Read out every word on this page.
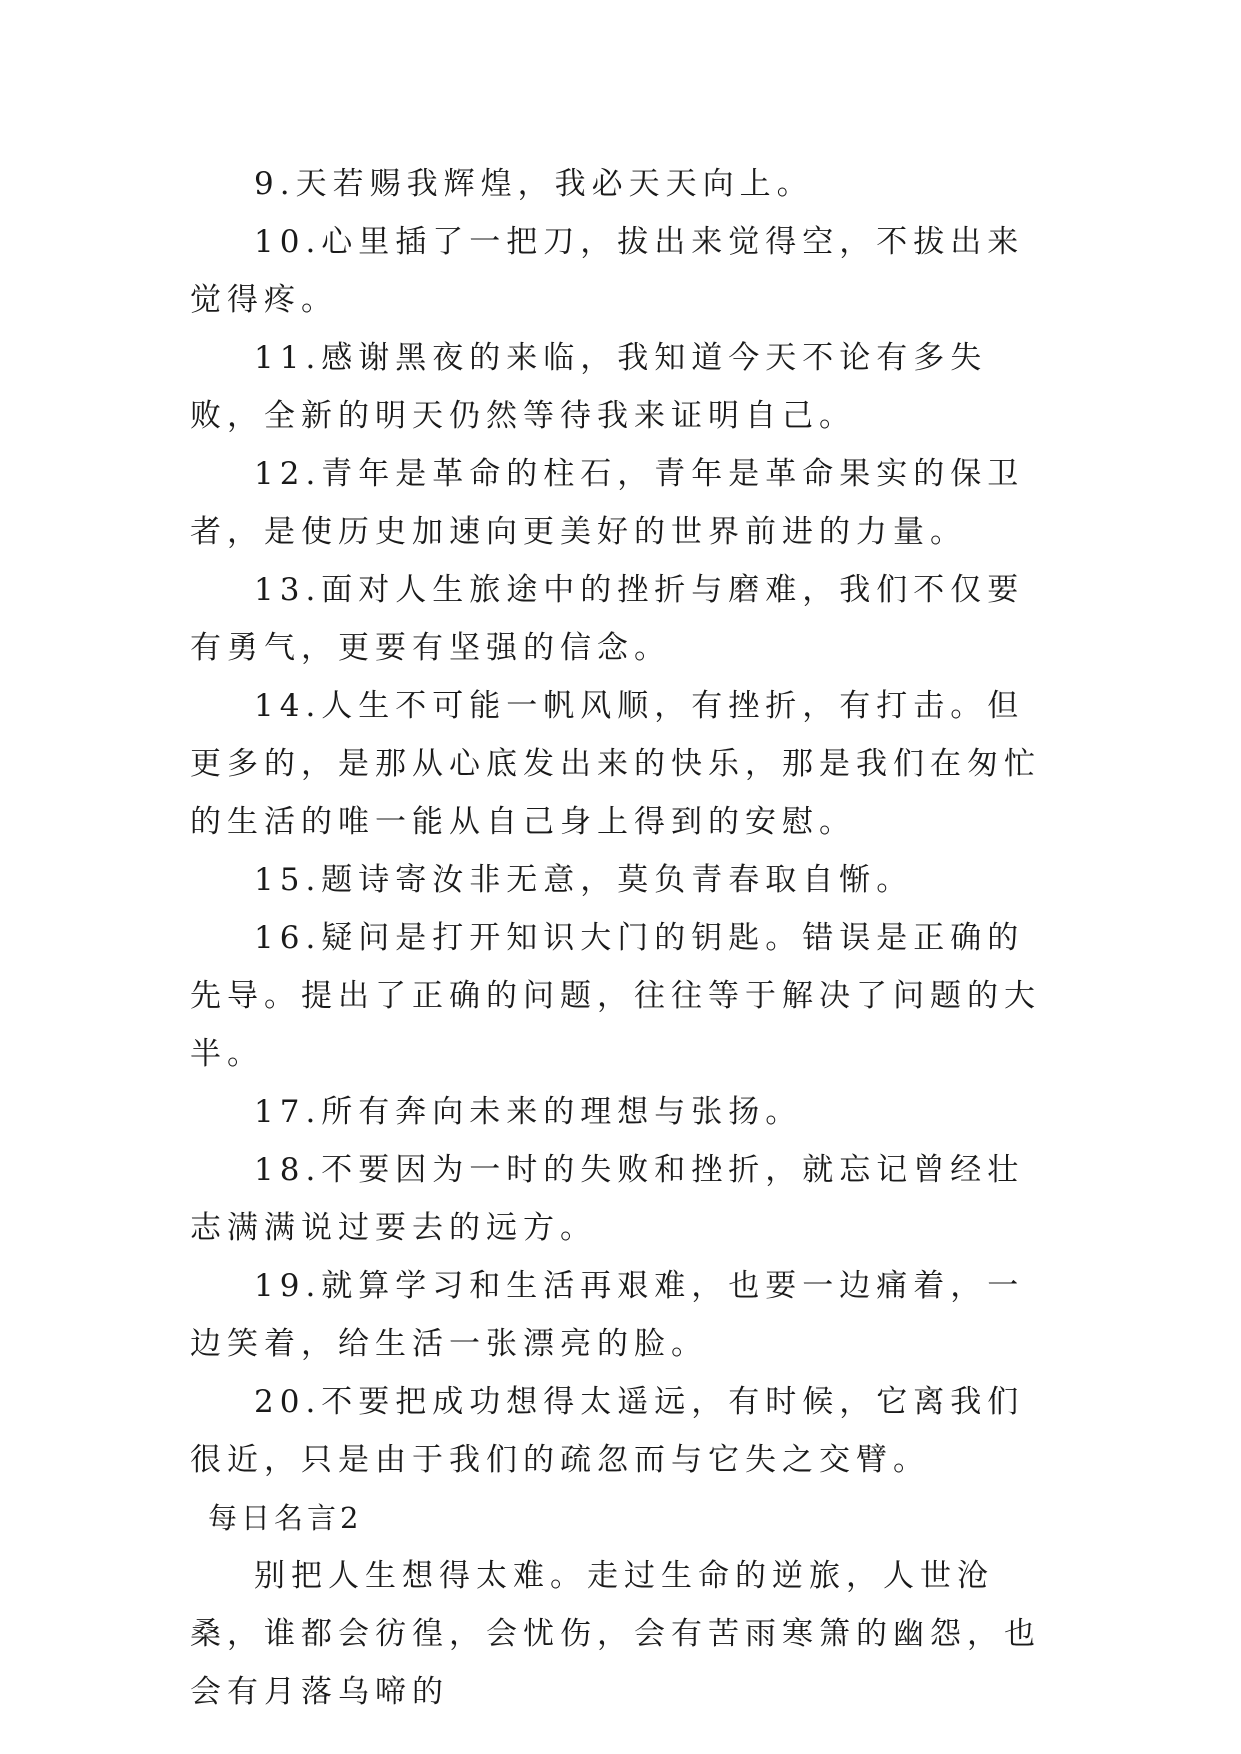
9.天若赐我辉煌，我必天天向上。

10.心里插了一把刀，拔出来觉得空，不拔出来觉得疼。

11.感谢黑夜的来临，我知道今天不论有多失败，全新的明天仍然等待我来证明自己。

12.青年是革命的柱石，青年是革命果实的保卫者，是使历史加速向更美好的世界前进的力量。

13.面对人生旅途中的挫折与磨难，我们不仅要有勇气，更要有坚强的信念。

14.人生不可能一帆风顺，有挫折，有打击。但更多的，是那从心底发出来的快乐，那是我们在匆忙的生活的唯一能从自己身上得到的安慰。

15.题诗寄汝非无意，莫负青春取自惭。

16.疑问是打开知识大门的钥匙。错误是正确的先导。提出了正确的问题，往往等于解决了问题的大半。

17.所有奔向未来的理想与张扬。

18.不要因为一时的失败和挫折，就忘记曾经壮志满满说过要去的远方。

19.就算学习和生活再艰难，也要一边痛着，一边笑着，给生活一张漂亮的脸。

20.不要把成功想得太遥远，有时候，它离我们很近，只是由于我们的疏忽而与它失之交臂。

每日名言2

别把人生想得太难。走过生命的逆旅，人世沧桑，谁都会彷徨，会忧伤，会有苦雨寒箫的幽怨，也会有月落乌啼的
